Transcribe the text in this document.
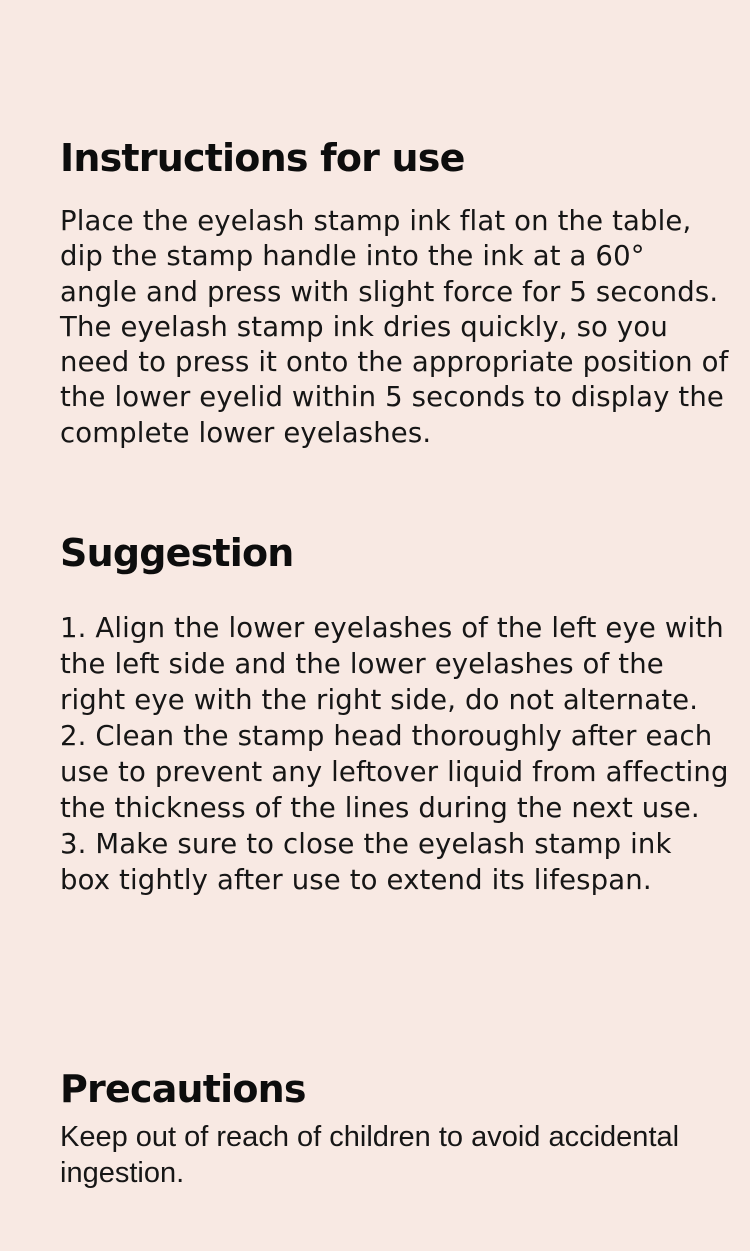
Instructions for use

Place the eyelash stamp ink flat on the table, dip the stamp handle into the ink at a 60° angle and press with slight force for 5 seconds. The eyelash stamp ink dries quickly, so you need to press it onto the appropriate position of the lower eyelid within 5 seconds to display the complete lower eyelashes.

Suggestion
1. Align the lower eyelashes of the left eye with the left side and the lower eyelashes of the right eye with the right side, do not alternate.
2. Clean the stamp head thoroughly after each use to prevent any leftover liquid from affecting the thickness of the lines during the next use.
3. Make sure to close the eyelash stamp ink box tightly after use to extend its lifespan.
Precautions

Keep out of reach of children to avoid accidental ingestion.
